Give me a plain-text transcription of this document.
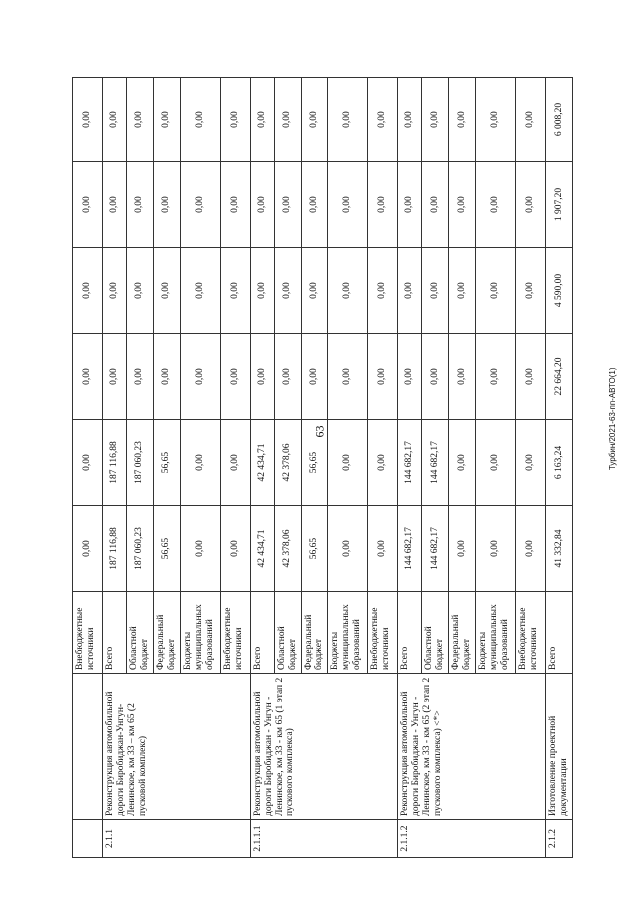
63
		Внебюджетные источники	0,00	0,00	0,00	0,00	0,00	0,00
2.1.1	Реконструкция автомобильной дороги Биробиджан-Унгун-Ленинское, км 33 – км 65 (2 пусковой комплекс)	Всего	187 116,88	187 116,88	0,00	0,00	0,00	0,00
		Областной бюджет	187 060,23	187 060,23	0,00	0,00	0,00	0,00
		Федеральный бюджет	56,65	56,65	0,00	0,00	0,00	0,00
		Бюджеты муниципальных образований	0,00	0,00	0,00	0,00	0,00	0,00
		Внебюджетные источники	0,00	0,00	0,00	0,00	0,00	0,00
2.1.1.1	Реконструкция автомобильной дороги Биробиджан - Унгун - Ленинское, км 33 - км 65 (1 этап 2 пускового комплекса)	Всего	42 434,71	42 434,71	0,00	0,00	0,00	0,00
		Областной бюджет	42 378,06	42 378,06	0,00	0,00	0,00	0,00
		Федеральный бюджет	56,65	56,65	0,00	0,00	0,00	0,00
		Бюджеты муниципальных образований	0,00	0,00	0,00	0,00	0,00	0,00
		Внебюджетные источники	0,00	0,00	0,00	0,00	0,00	0,00
2.1.1.2	Реконструкция автомобильной дороги Биробиджан - Унгун - Ленинское, км 33 - км 65 (2 этап 2 пускового комплекса) <*>	Всего	144 682,17	144 682,17	0,00	0,00	0,00	0,00
		Областной бюджет	144 682,17	144 682,17	0,00	0,00	0,00	0,00
		Федеральный бюджет	0,00	0,00	0,00	0,00	0,00	0,00
		Бюджеты муниципальных образований	0,00	0,00	0,00	0,00	0,00	0,00
		Внебюджетные источники	0,00	0,00	0,00	0,00	0,00	0,00
2.1.2	Изготовление проектной документации	Всего	41 332,84	6 163,24	22 664,20	4 590,00	1 907,20	6 008,20
Турбин/2021-63-пп-АВТО(1)
